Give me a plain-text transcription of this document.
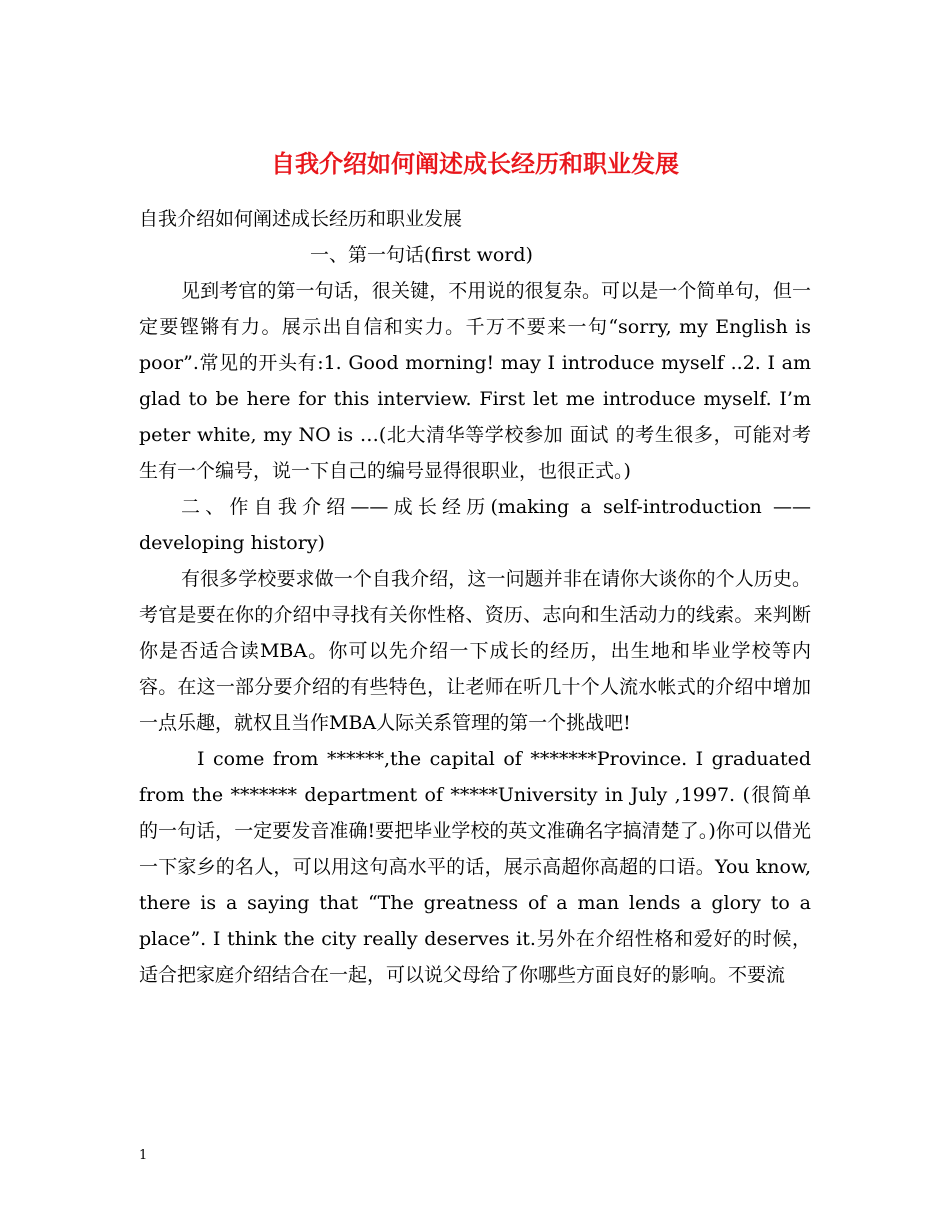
自我介绍如何阐述成长经历和职业发展

自我介绍如何阐述成长经历和职业发展

一、第一句话(first word)

见到考官的第一句话，很关键，不用说的很复杂。可以是一个简单句，但一定要铿锵有力。展示出自信和实力。千万不要来一句“sorry, my English is poor”.常见的开头有:1. Good morning! may I introduce myself ..2. I am glad to be here for this interview. First let me introduce myself. I’m peter white, my NO is …(北大清华等学校参加 面试 的考生很多，可能对考生有一个编号，说一下自己的编号显得很职业，也很正式。)

二、作自我介绍——成长经历(making a self-introduction —— developing history)

有很多学校要求做一个自我介绍，这一问题并非在请你大谈你的个人历史。考官是要在你的介绍中寻找有关你性格、资历、志向和生活动力的线索。来判断你是否适合读MBA。你可以先介绍一下成长的经历，出生地和毕业学校等内容。在这一部分要介绍的有些特色，让老师在听几十个人流水帐式的介绍中增加一点乐趣，就权且当作MBA人际关系管理的第一个挑战吧!

I come from ******,the capital of *******Province. I graduated from the ******* department of *****University in July ,1997. (很简单的一句话，一定要发音准确!要把毕业学校的英文准确名字搞清楚了。)你可以借光一下家乡的名人，可以用这句高水平的话，展示高超你高超的口语。You know, there is a saying that “The greatness of a man lends a glory to a place”. I think the city really deserves it.另外在介绍性格和爱好的时候，适合把家庭介绍结合在一起，可以说父母给了你哪些方面良好的影响。不要流

1
